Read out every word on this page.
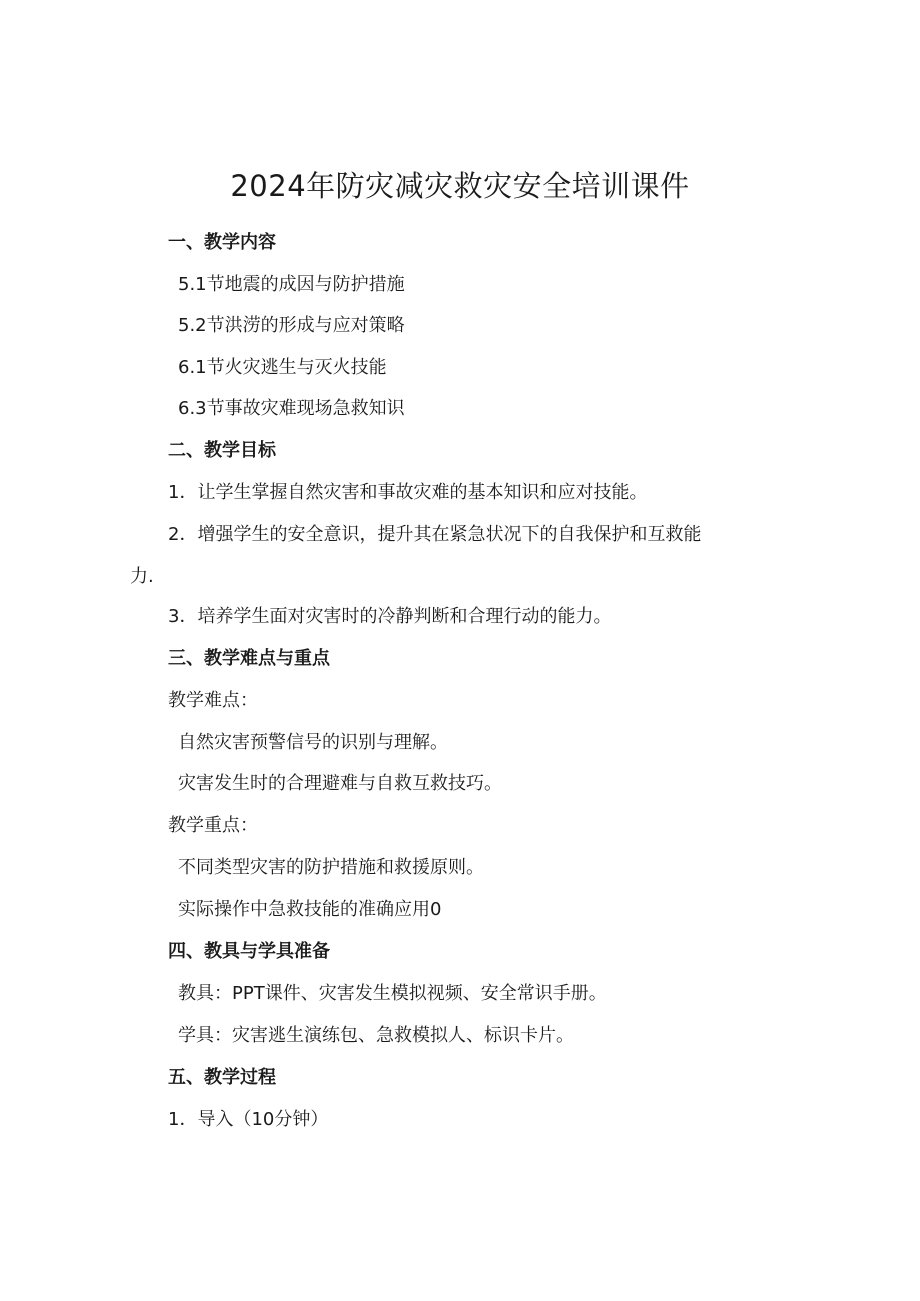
2024年防灾减灾救灾安全培训课件

一、教学内容

5.1节地震的成因与防护措施

5.2节洪涝的形成与应对策略

6.1节火灾逃生与灭火技能

6.3节事故灾难现场急救知识

二、教学目标

1．让学生掌握自然灾害和事故灾难的基本知识和应对技能。

2．增强学生的安全意识，提升其在紧急状况下的自我保护和互救能

力.

3．培养学生面对灾害时的冷静判断和合理行动的能力。

三、教学难点与重点

教学难点：

自然灾害预警信号的识别与理解。

灾害发生时的合理避难与自救互救技巧。

教学重点：

不同类型灾害的防护措施和救援原则。

实际操作中急救技能的准确应用0

四、教具与学具准备

教具：PPT课件、灾害发生模拟视频、安全常识手册。

学具：灾害逃生演练包、急救模拟人、标识卡片。

五、教学过程

1．导入（10分钟）
